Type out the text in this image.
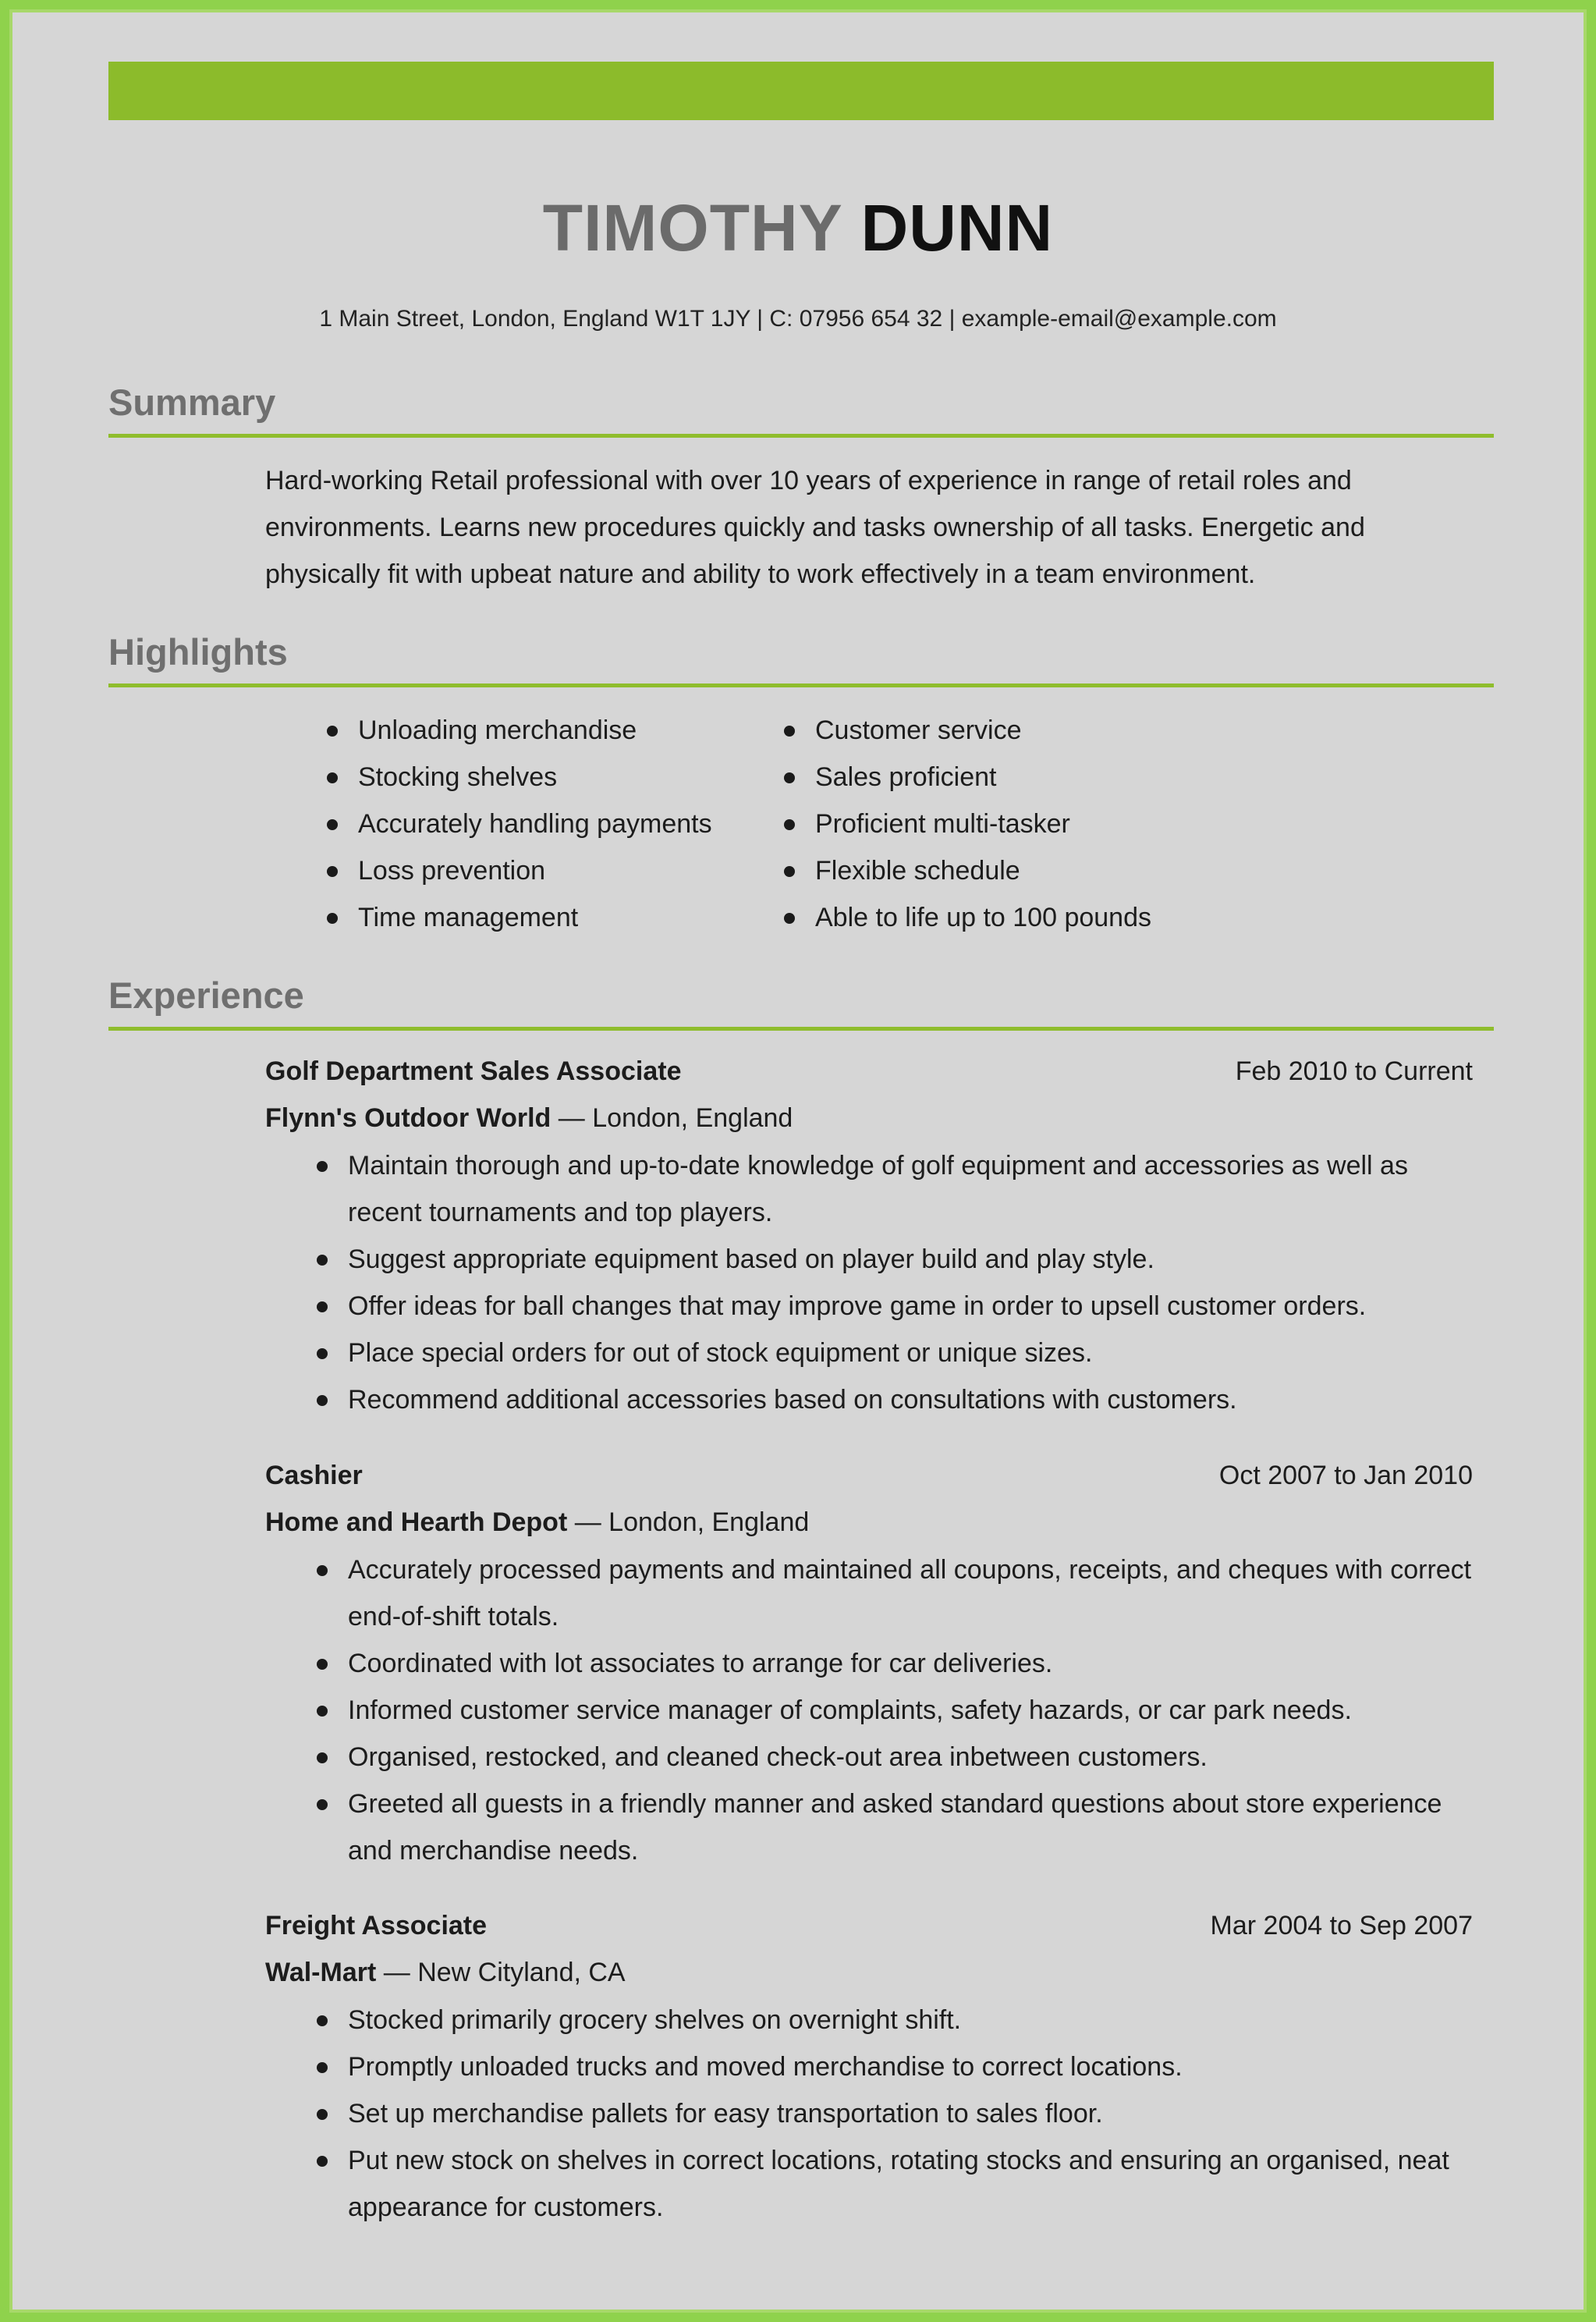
TIMOTHY DUNN
1 Main Street, London, England W1T 1JY | C: 07956 654 32 | example-email@example.com
Summary
Hard-working Retail professional with over 10 years of experience in range of retail roles and environments. Learns new procedures quickly and tasks ownership of all tasks. Energetic and physically fit with upbeat nature and ability to work effectively in a team environment.
Highlights
Unloading merchandise
Stocking shelves
Accurately handling payments
Loss prevention
Time management
Customer service
Sales proficient
Proficient multi-tasker
Flexible schedule
Able to life up to 100 pounds
Experience
Golf Department Sales Associate	Feb 2010 to Current
Flynn's Outdoor World — London, England
Maintain thorough and up-to-date knowledge of golf equipment and accessories as well as recent tournaments and top players.
Suggest appropriate equipment based on player build and play style.
Offer ideas for ball changes that may improve game in order to upsell customer orders.
Place special orders for out of stock equipment or unique sizes.
Recommend additional accessories based on consultations with customers.
Cashier	Oct 2007 to Jan 2010
Home and Hearth Depot — London, England
Accurately processed payments and maintained all coupons, receipts, and cheques with correct end-of-shift totals.
Coordinated with lot associates to arrange for car deliveries.
Informed customer service manager of complaints, safety hazards, or car park needs.
Organised, restocked, and cleaned check-out area inbetween customers.
Greeted all guests in a friendly manner and asked standard questions about store experience and merchandise needs.
Freight Associate	Mar 2004 to Sep 2007
Wal-Mart — New Cityland, CA
Stocked primarily grocery shelves on overnight shift.
Promptly unloaded trucks and moved merchandise to correct locations.
Set up merchandise pallets for easy transportation to sales floor.
Put new stock on shelves in correct locations, rotating stocks and ensuring an organised, neat appearance for customers.
